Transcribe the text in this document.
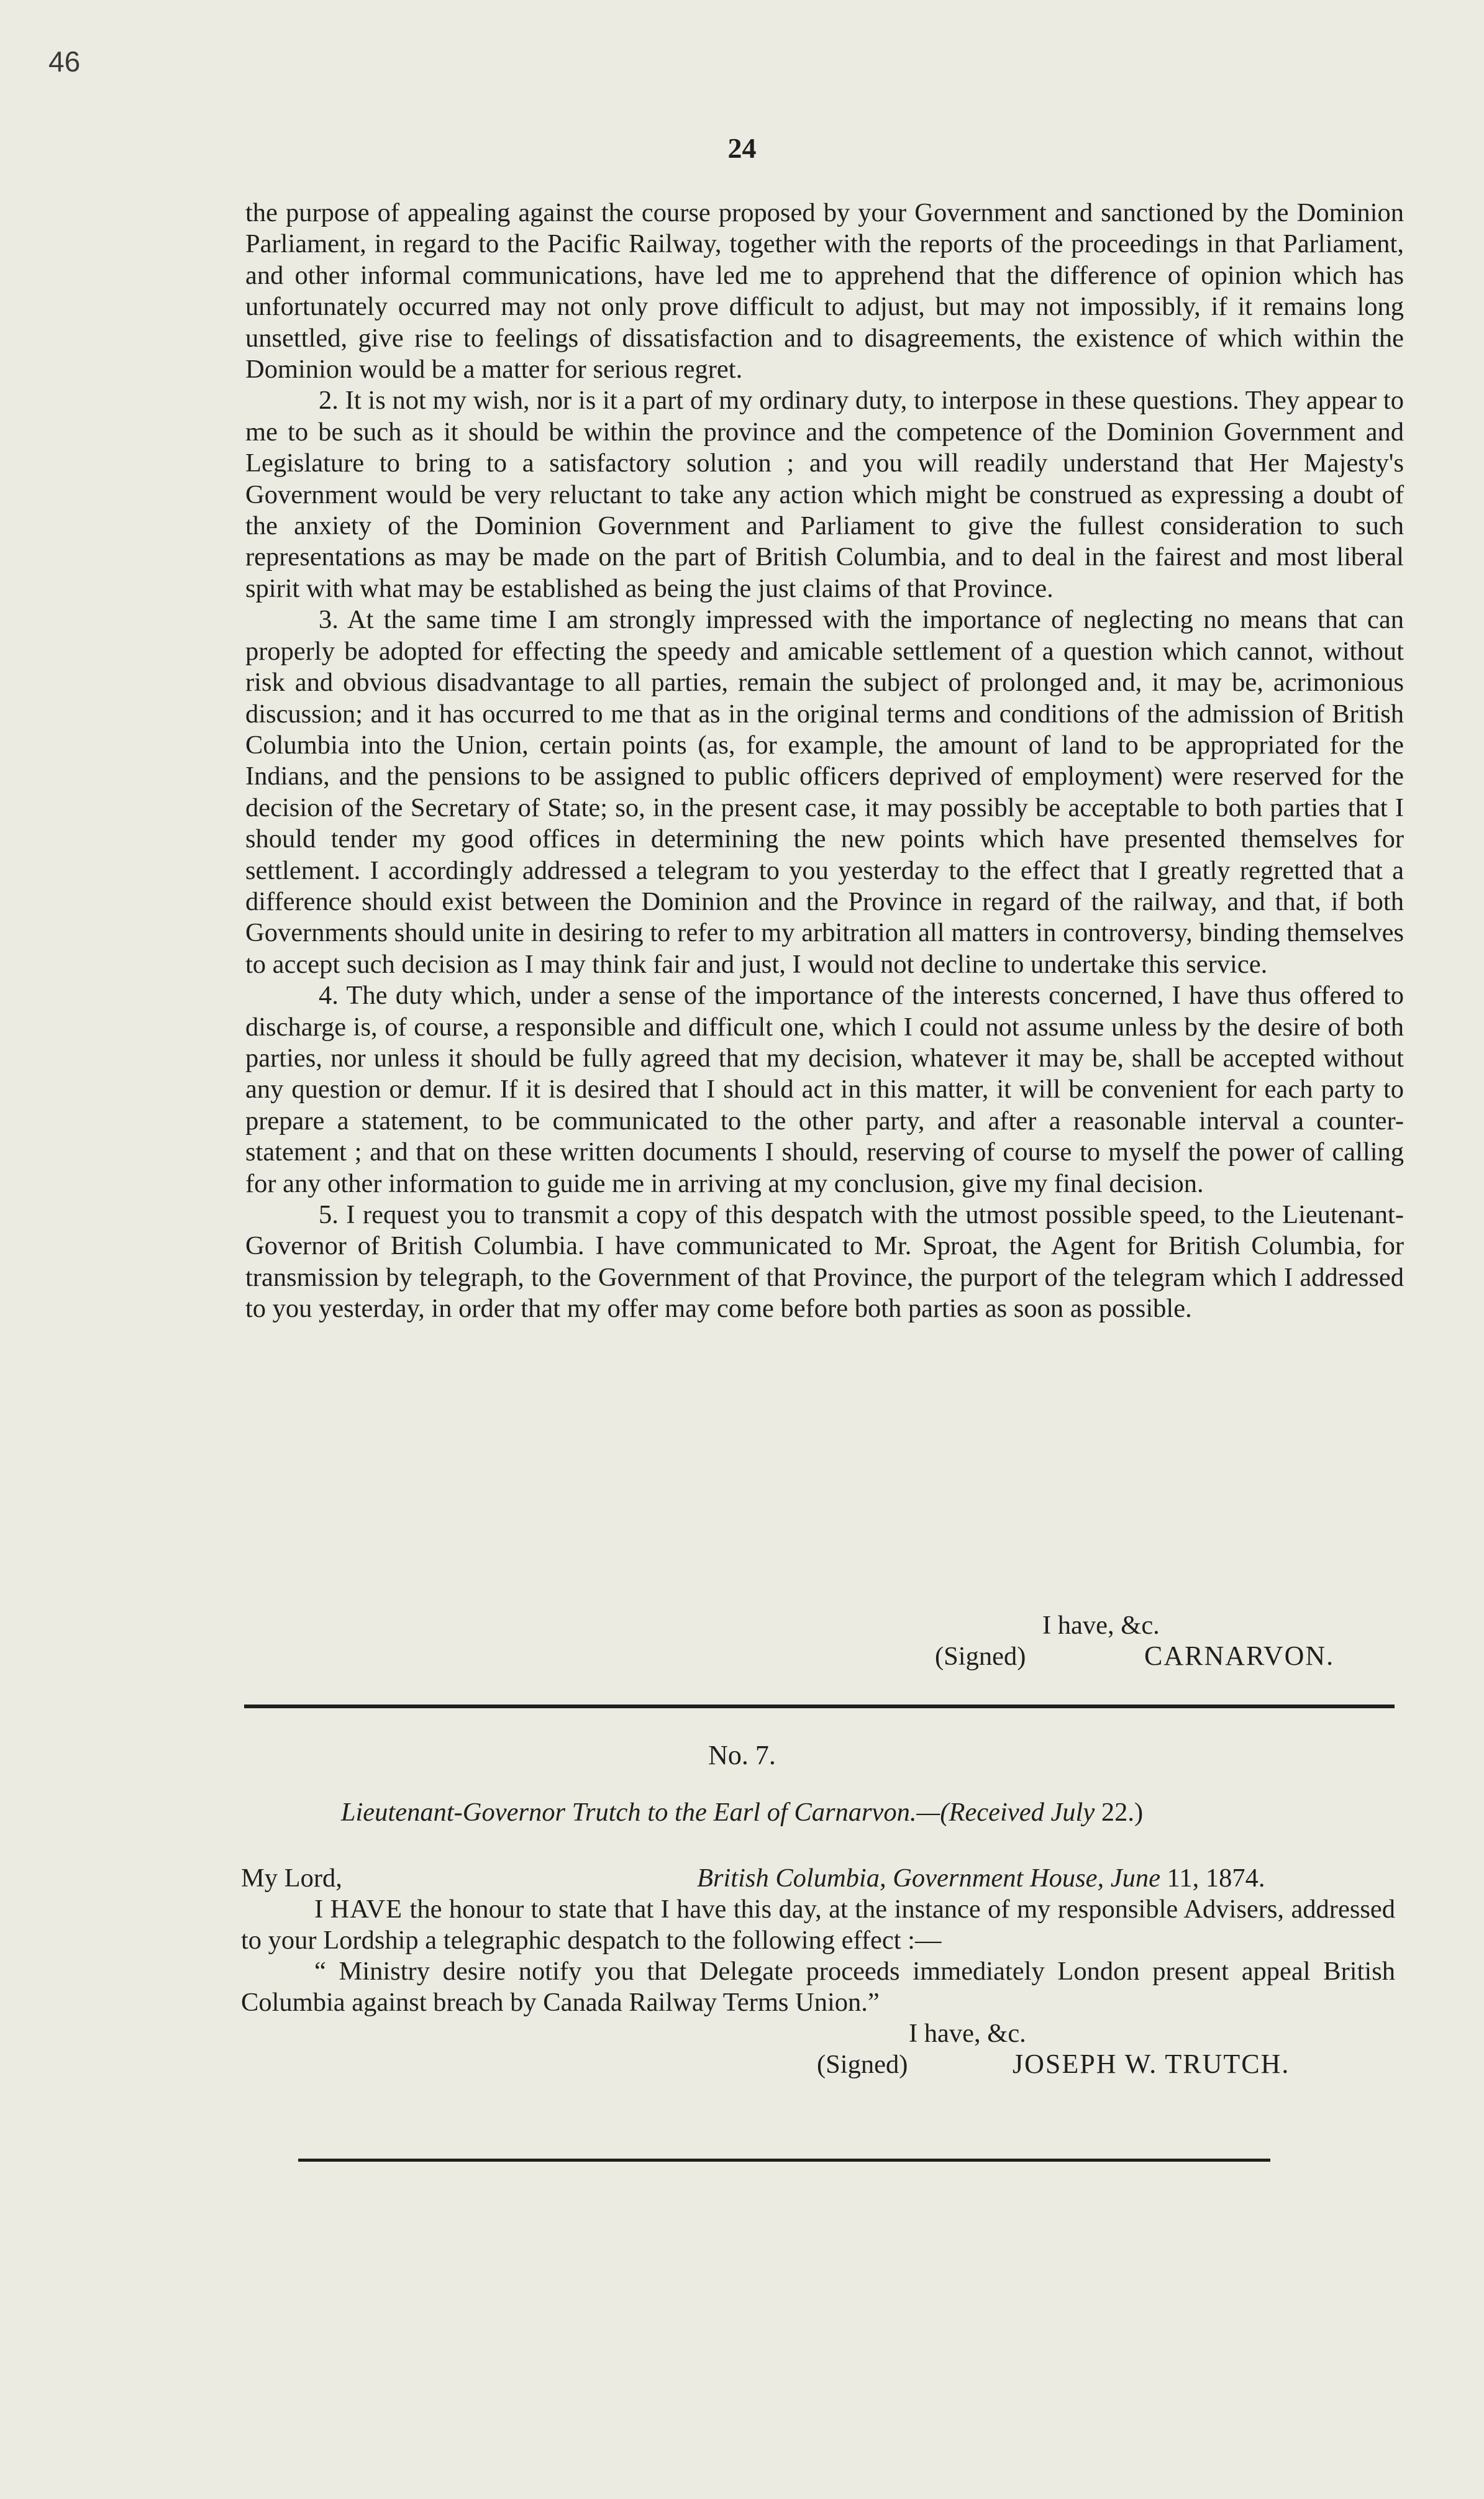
46
24

the purpose of appealing against the course proposed by your Government and sanctioned by the Dominion Parliament, in regard to the Pacific Railway, together with the reports of the proceedings in that Parliament, and other informal communications, have led me to apprehend that the difference of opinion which has unfortunately occurred may not only prove difficult to adjust, but may not impossibly, if it remains long unsettled, give rise to feelings of dissatisfaction and to disagreements, the existence of which within the Dominion would be a matter for serious regret.

2. It is not my wish, nor is it a part of my ordinary duty, to interpose in these questions. They appear to me to be such as it should be within the province and the competence of the Dominion Government and Legislature to bring to a satisfactory solution ; and you will readily understand that Her Majesty's Government would be very reluctant to take any action which might be construed as expressing a doubt of the anxiety of the Dominion Government and Parliament to give the fullest consideration to such representations as may be made on the part of British Columbia, and to deal in the fairest and most liberal spirit with what may be established as being the just claims of that Province.

3. At the same time I am strongly impressed with the importance of neglecting no means that can properly be adopted for effecting the speedy and amicable settlement of a question which cannot, without risk and obvious disadvantage to all parties, remain the subject of prolonged and, it may be, acrimonious discussion; and it has occurred to me that as in the original terms and conditions of the admission of British Columbia into the Union, certain points (as, for example, the amount of land to be appropriated for the Indians, and the pensions to be assigned to public officers deprived of employment) were reserved for the decision of the Secretary of State; so, in the present case, it may possibly be acceptable to both parties that I should tender my good offices in determining the new points which have presented themselves for settlement. I accordingly addressed a telegram to you yesterday to the effect that I greatly regretted that a difference should exist between the Dominion and the Province in regard of the railway, and that, if both Governments should unite in desiring to refer to my arbitration all matters in controversy, binding themselves to accept such decision as I may think fair and just, I would not decline to undertake this service.

4. The duty which, under a sense of the importance of the interests concerned, I have thus offered to discharge is, of course, a responsible and difficult one, which I could not assume unless by the desire of both parties, nor unless it should be fully agreed that my decision, whatever it may be, shall be accepted without any question or demur. If it is desired that I should act in this matter, it will be convenient for each party to prepare a statement, to be communicated to the other party, and after a reasonable interval a counter-statement ; and that on these written documents I should, reserving of course to myself the power of calling for any other information to guide me in arriving at my conclusion, give my final decision.

5. I request you to transmit a copy of this despatch with the utmost possible speed, to the Lieutenant-Governor of British Columbia. I have communicated to Mr. Sproat, the Agent for British Columbia, for transmission by telegraph, to the Government of that Province, the purport of the telegram which I addressed to you yesterday, in order that my offer may come before both parties as soon as possible.

I have, &c.
(Signed)	CARNARVON.
No. 7.
Lieutenant-Governor Trutch to the Earl of Carnarvon.—(Received July 22.)
My Lord,	British Columbia, Government House, June 11, 1874.

I HAVE the honour to state that I have this day, at the instance of my responsible Advisers, addressed to your Lordship a telegraphic despatch to the following effect :—

“ Ministry desire notify you that Delegate proceeds immediately London present appeal British Columbia against breach by Canada Railway Terms Union.”

I have, &c.
(Signed)	JOSEPH W. TRUTCH.
